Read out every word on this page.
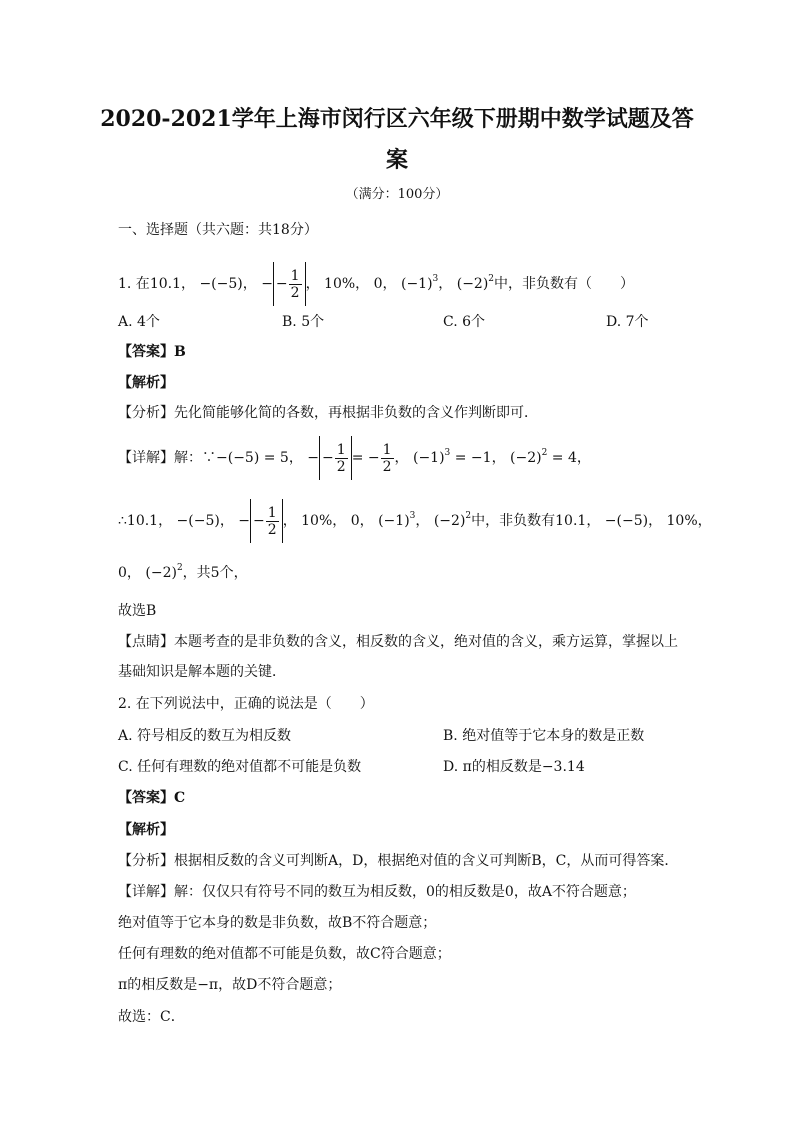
2020-2021学年上海市闵行区六年级下册期中数学试题及答
案
（满分：100分）
一、选择题（共六题：共18分）
1. 在10.1， −(−5)， − − $\frac{1}{2}$ ， 10%， 0， $(-1)^3$， $(-2)^2$中，非负数有（　　）
A. 4个	B. 5个	C. 6个	D. 7个
【答案】B
【解析】
【分析】先化简能够化简的各数，再根据非负数的含义作判断即可．
【详解】解：∵−(−5) = 5， − − $\frac{1}{2}$ = − $\frac{1}{2}$ ， $(-1)^3 = -1$， $(-2)^2 = 4$，
∴10.1， −(−5)， − − $\frac{1}{2}$ ， 10%， 0， $(-1)^3$， $(-2)^2$中，非负数有10.1， −(−5)， 10%，
0， $(-2)^2$，共5个，
故选B
【点睛】本题考查的是非负数的含义，相反数的含义，绝对值的含义，乘方运算，掌握以上
基础知识是解本题的关键．
2. 在下列说法中，正确的说法是（　　）
A. 符号相反的数互为相反数	B. 绝对值等于它本身的数是正数
C. 任何有理数的绝对值都不可能是负数	D. π的相反数是−3.14
【答案】C
【解析】
【分析】根据相反数的含义可判断A，D，根据绝对值的含义可判断B，C，从而可得答案．
【详解】解：仅仅只有符号不同的数互为相反数，0的相反数是0，故A不符合题意；
绝对值等于它本身的数是非负数，故B不符合题意；
任何有理数的绝对值都不可能是负数，故C符合题意；
π的相反数是−π，故D不符合题意；
故选：C．
